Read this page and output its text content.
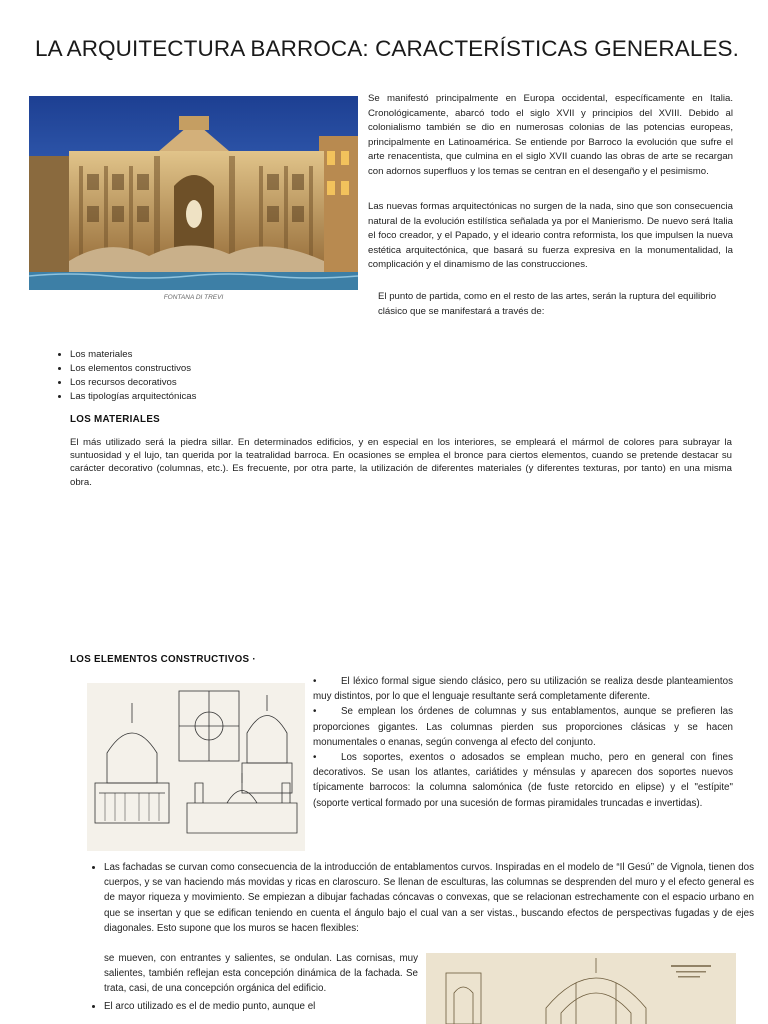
LA ARQUITECTURA BARROCA: CARACTERÍSTICAS GENERALES.
FONTANA DI TREVI

Se manifestó principalmente en Europa occidental, específicamente en Italia. Cronológicamente, abarcó todo el siglo XVII y principios del XVIII. Debido al colonialismo también se dio en numerosas colonias de las potencias europeas, principalmente en Latinoamérica. Se entiende por Barroco la evolución que sufre el arte renacentista, que culmina en el siglo XVII cuando las obras de arte se recargan con adornos superfluos y los temas se centran en el desengaño y el pesimismo.

Las nuevas formas arquitectónicas no surgen de la nada, sino que son consecuencia natural de la evolución estilística señalada ya por el Manierismo. De nuevo será Italia el foco creador, y el Papado, y el ideario contra reformista, los que impulsen la nueva estética arquitectónica, que basará su fuerza expresiva en la monumentalidad, la complicación y el dinamismo de las construcciones.

El punto de partida, como en el resto de las artes, serán la ruptura del equilibrio clásico que se manifestará a través de:

• Los materiales
• Los elementos constructivos
• Los recursos decorativos
• Las tipologías arquitectónicas
LOS MATERIALES

El más utilizado será la piedra sillar. En determinados edificios, y en especial en los interiores, se empleará el mármol de colores para subrayar la suntuosidad y el lujo, tan querida por la teatralidad barroca. En ocasiones se emplea el bronce para ciertos elementos, cuando se pretende destacar su carácter decorativo (columnas, etc.). Es frecuente, por otra parte, la utilización de diferentes materiales (y diferentes texturas, por tanto) en una misma obra.

LOS ELEMENTOS CONSTRUCTIVOS ·

•	El léxico formal sigue siendo clásico, pero su utilización se realiza desde planteamientos muy distintos, por lo que el lenguaje resultante será completamente diferente.

•	Se emplean los órdenes de columnas y sus entablamentos, aunque se prefieren las proporciones gigantes. Las columnas pierden sus proporciones clásicas y se hacen monumentales o enanas, según convenga al efecto del conjunto.

•	Los soportes, exentos o adosados se emplean mucho, pero en general con fines decorativos. Se usan los atlantes, cariátides y ménsulas y aparecen dos soportes nuevos típicamente barrocos: la columna salomónica (de fuste retorcido en elipse) y el "estípite" (soporte vertical formado por una sucesión de formas piramidales truncadas e invertidas).

• Las fachadas se curvan como consecuencia de la introducción de entablamentos curvos. Inspiradas en el modelo de “Il Gesú” de Vignola, tienen dos cuerpos, y se van haciendo más movidas y ricas en claroscuro. Se llenan de esculturas, las columnas se desprenden del muro y el efecto general es de mayor riqueza y movimiento. Se empiezan a dibujar fachadas cóncavas o convexas, que se relacionan estrechamente con el espacio urbano en que se insertan y que se edifican teniendo en cuenta el ángulo bajo el cual van a ser vistas., buscando efectos de perspectivas fugadas y de ejes diagonales. Esto supone que los muros se hacen flexibles:
se mueven, con entrantes y salientes, se ondulan. Las cornisas, muy salientes, también reflejan esta concepción dinámica de la fachada. Se trata, casi, de una concepción orgánica del edificio.
• El arco utilizado es el de medio punto, aunque el
